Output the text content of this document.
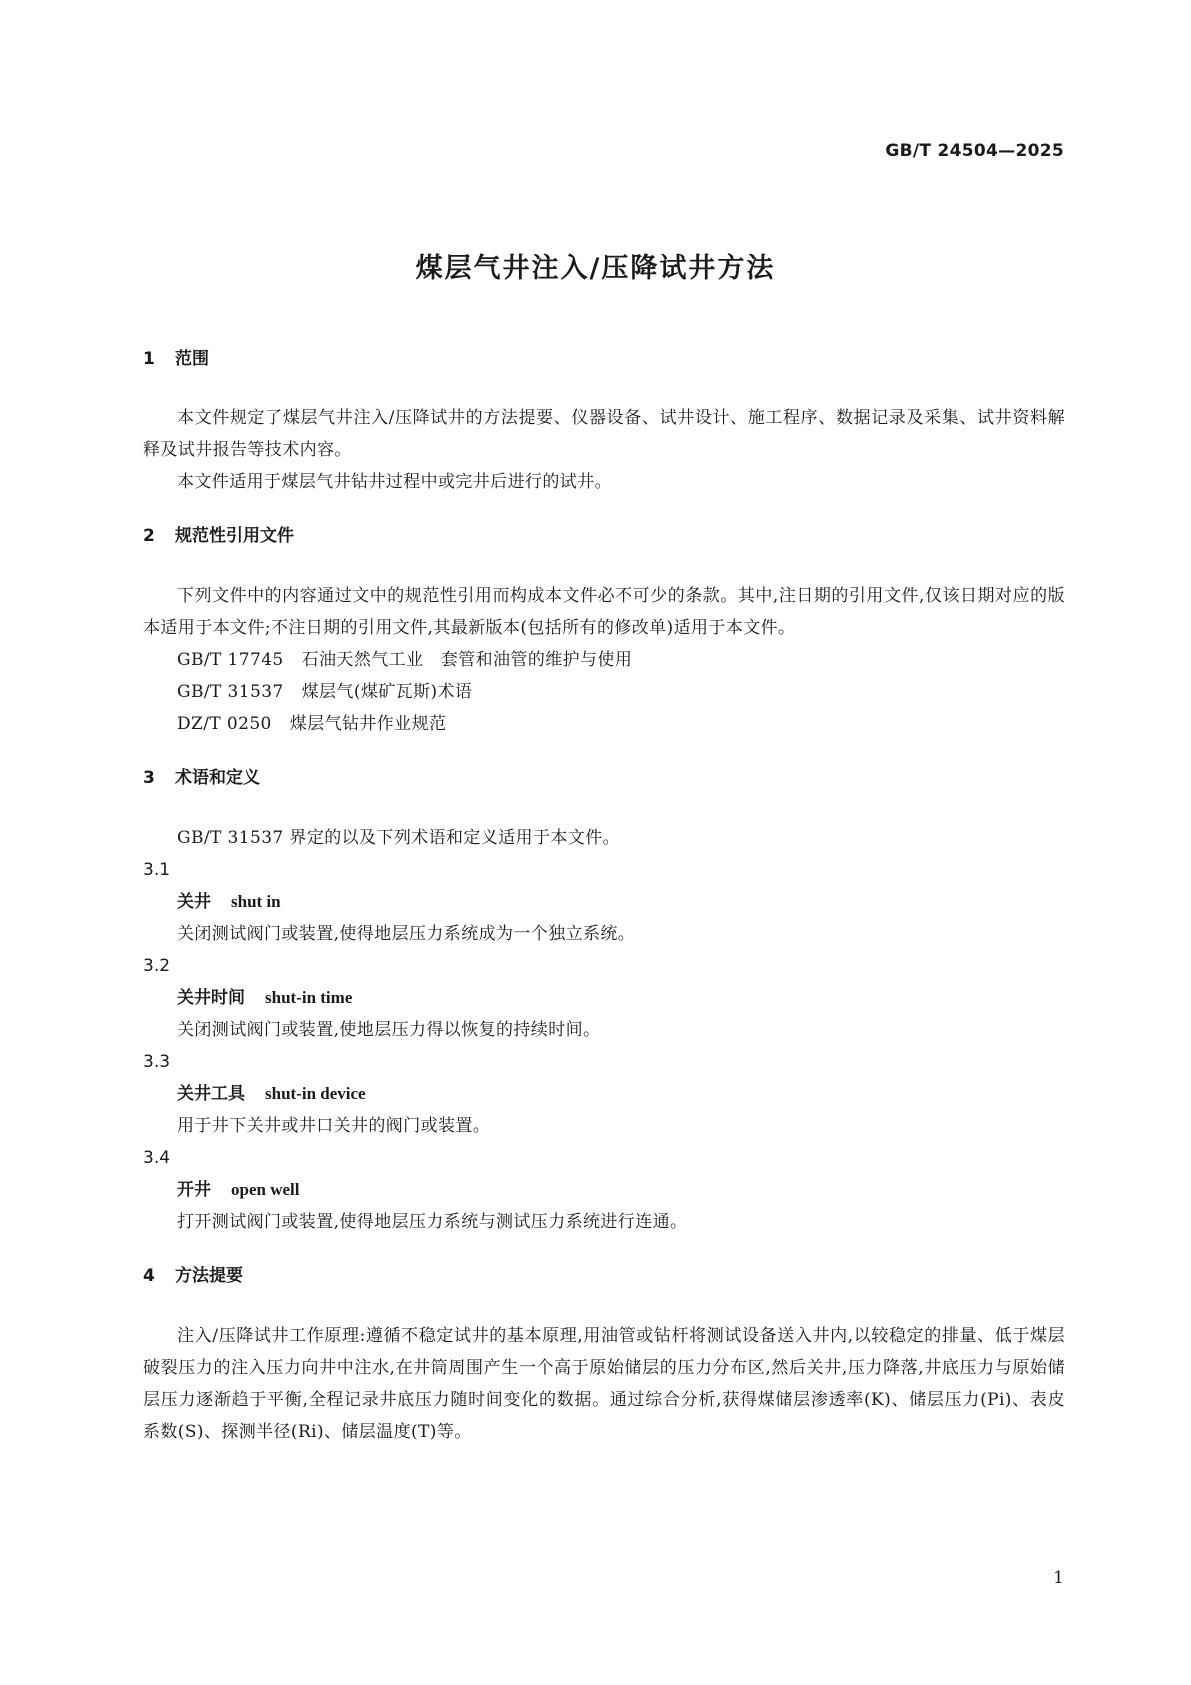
GB/T 24504—2025
煤层气井注入/压降试井方法
1 范围
本文件规定了煤层气井注入/压降试井的方法提要、仪器设备、试井设计、施工程序、数据记录及采集、试井资料解释及试井报告等技术内容。
本文件适用于煤层气井钻井过程中或完井后进行的试井。
2 规范性引用文件
下列文件中的内容通过文中的规范性引用而构成本文件必不可少的条款。其中,注日期的引用文件,仅该日期对应的版本适用于本文件;不注日期的引用文件,其最新版本(包括所有的修改单)适用于本文件。
GB/T 17745 石油天然气工业　套管和油管的维护与使用
GB/T 31537 煤层气(煤矿瓦斯)术语
DZ/T 0250 煤层气钻井作业规范
3 术语和定义
GB/T 31537 界定的以及下列术语和定义适用于本文件。
3.1
关井 shut in
关闭测试阀门或装置,使得地层压力系统成为一个独立系统。
3.2
关井时间 shut-in time
关闭测试阀门或装置,使地层压力得以恢复的持续时间。
3.3
关井工具 shut-in device
用于井下关井或井口关井的阀门或装置。
3.4
开井 open well
打开测试阀门或装置,使得地层压力系统与测试压力系统进行连通。
4 方法提要
注入/压降试井工作原理:遵循不稳定试井的基本原理,用油管或钻杆将测试设备送入井内,以较稳定的排量、低于煤层破裂压力的注入压力向井中注水,在井筒周围产生一个高于原始储层的压力分布区,然后关井,压力降落,井底压力与原始储层压力逐渐趋于平衡,全程记录井底压力随时间变化的数据。通过综合分析,获得煤储层渗透率(K)、储层压力(Pi)、表皮系数(S)、探测半径(Ri)、储层温度(T)等。
1
